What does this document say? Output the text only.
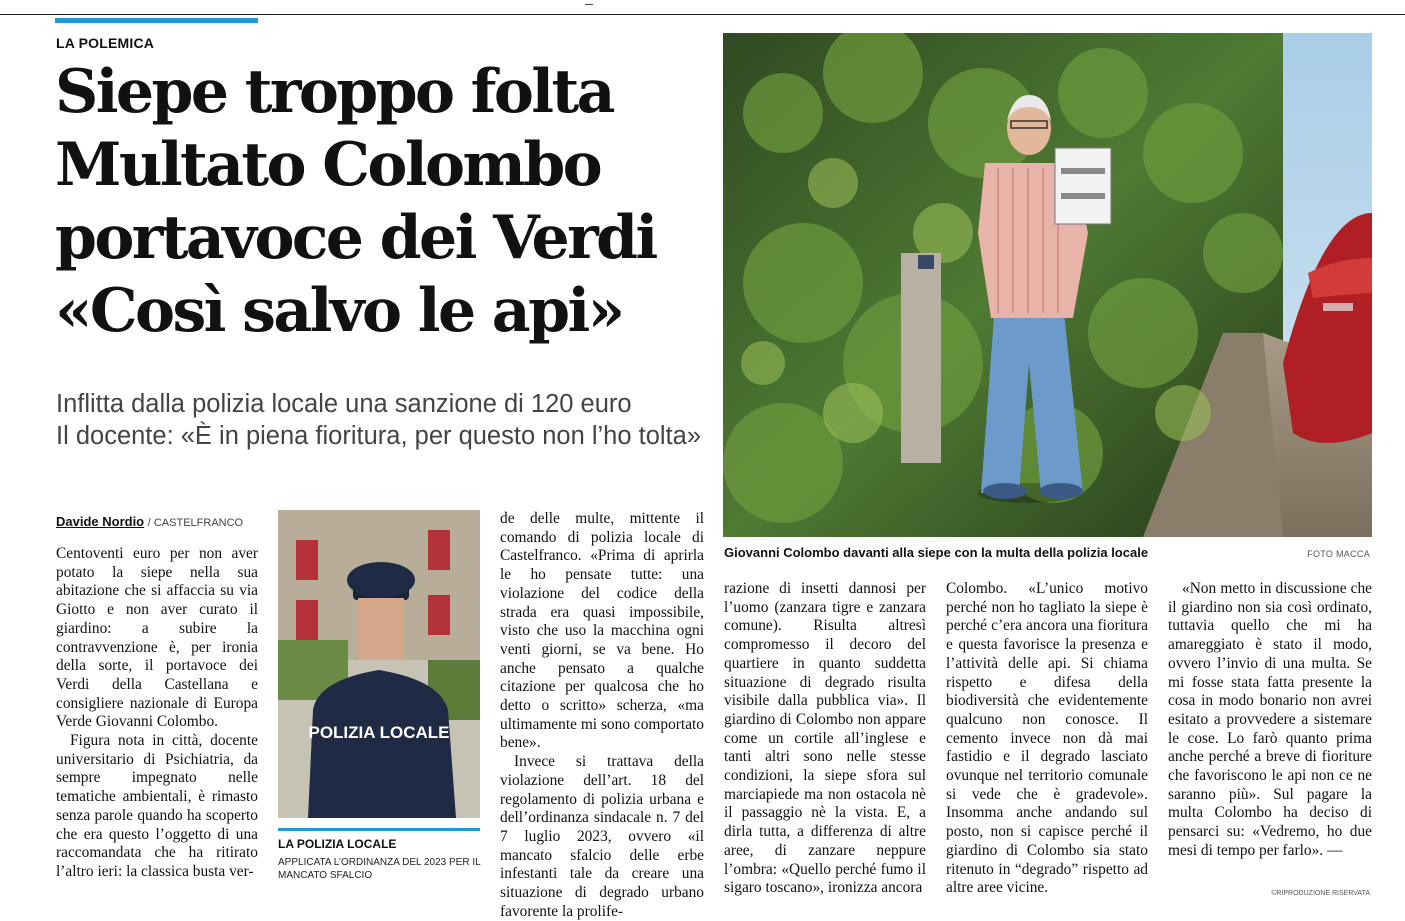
LA POLEMICA
Siepe troppo folta
Multato Colombo
portavoce dei Verdi
«Così salvo le api»
Inflitta dalla polizia locale una sanzione di 120 euro
Il docente: «È in piena fioritura, per questo non l’ho tolta»
Giovanni Colombo davanti alla siepe con la multa della polizia locale	FOTO MACCA
Davide Nordio / CASTELFRANCO

Centoventi euro per non aver potato la siepe nella sua abitazione che si affaccia su via Giotto e non aver curato il giardino: a subire la contravvenzione è, per ironia della sorte, il portavoce dei Verdi della Castellana e consigliere nazionale di Europa Verde Giovanni Colombo.

Figura nota in città, docente universitario di Psichiatria, da sempre impegnato nelle tematiche ambientali, è rimasto senza parole quando ha scoperto che era questo l’oggetto di una raccomandata che ha ritirato l’altro ieri: la classica busta ver-

POLIZIA LOCALE
LA POLIZIA LOCALE
APPLICATA L’ORDINANZA DEL 2023 PER IL MANCATO SFALCIO

de delle multe, mittente il comando di polizia locale di Castelfranco. «Prima di aprirla le ho pensate tutte: una violazione del codice della strada era quasi impossibile, visto che uso la macchina ogni venti giorni, se va bene. Ho anche pensato a qualche citazione per qualcosa che ho detto o scritto» scherza, «ma ultimamente mi sono comportato bene».

Invece si trattava della violazione dell’art. 18 del regolamento di polizia urbana e dell’ordinanza sindacale n. 7 del 7 luglio 2023, ovvero «il mancato sfalcio delle erbe infestanti tale da creare una situazione di degrado urbano favorente la prolife-

razione di insetti dannosi per l’uomo (zanzara tigre e zanzara comune). Risulta altresì compromesso il decoro del quartiere in quanto suddetta situazione di degrado risulta visibile dalla pubblica via». Il giardino di Colombo non appare come un cortile all’inglese e tanti altri sono nelle stesse condizioni, la siepe sfora sul marciapiede ma non ostacola nè il passaggio nè la vista. E, a dirla tutta, a differenza di altre aree, di zanzare neppure l’ombra: «Quello perché fumo il sigaro toscano», ironizza ancora

Colombo. «L’unico motivo perché non ho tagliato la siepe è perché c’era ancora una fioritura e questa favorisce la presenza e l’attività delle api. Si chiama rispetto e difesa della biodiversità che evidentemente qualcuno non conosce. Il cemento invece non dà mai fastidio e il degrado lasciato ovunque nel territorio comunale si vede che è gradevole». Insomma anche andando sul posto, non si capisce perché il giardino di Colombo sia stato ritenuto in “degrado” rispetto ad altre aree vicine.

«Non metto in discussione che il giardino non sia così ordinato, tuttavia quello che mi ha amareggiato è stato il modo, ovvero l’invio di una multa. Se mi fosse stata fatta presente la cosa in modo bonario non avrei esitato a provvedere a sistemare le cose. Lo farò quanto prima anche perché a breve di fioriture che favoriscono le api non ce ne saranno più». Sul pagare la multa Colombo ha deciso di pensarci su: «Vedremo, ho due mesi di tempo per farlo». —

©RIPRODUZIONE RISERVATA
